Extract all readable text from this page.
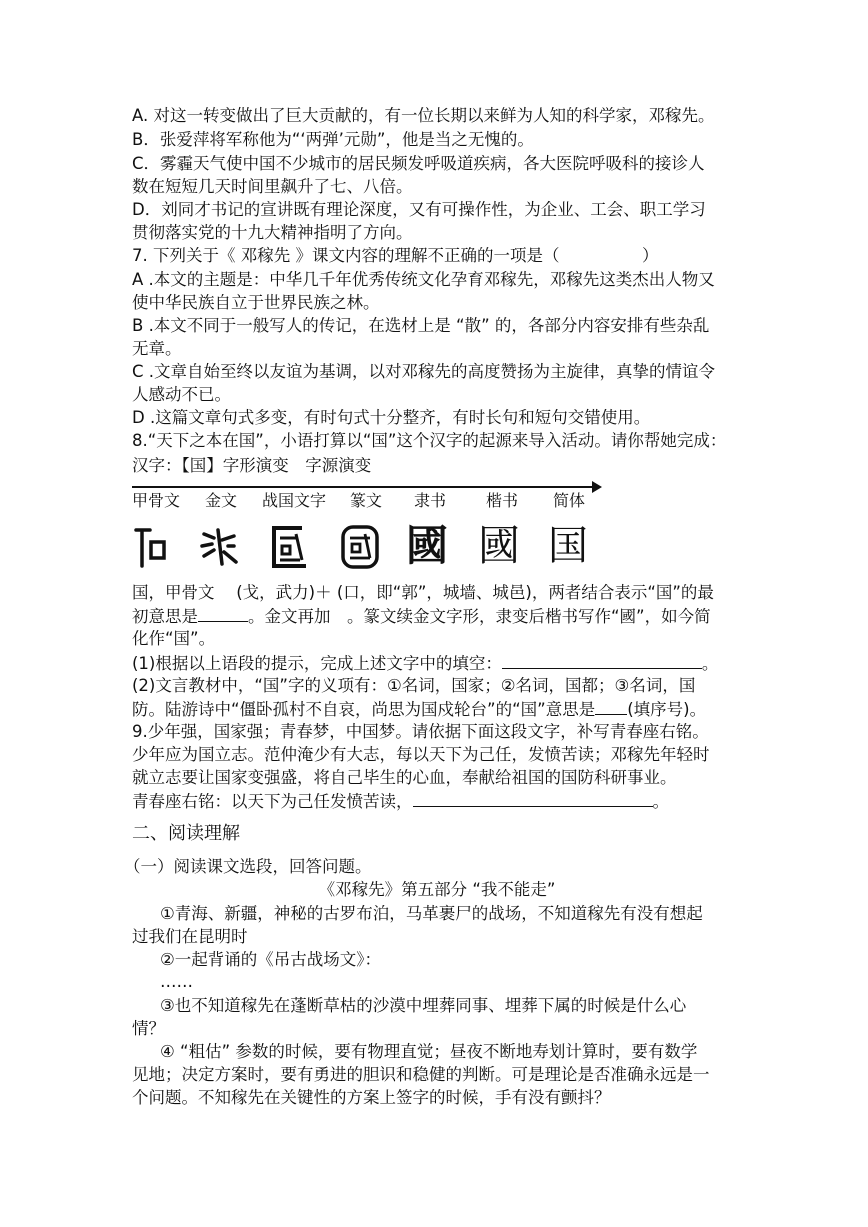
A. 对这一转变做出了巨大贡献的，有一位长期以来鲜为人知的科学家，邓稼先。
B．张爱萍将军称他为“‘两弹’元勋”，他是当之无愧的。
C．雾霾天气使中国不少城市的居民频发呼吸道疾病，各大医院呼吸科的接诊人
数在短短几天时间里飙升了七、八倍。
D．刘同才书记的宣讲既有理论深度，又有可操作性，为企业、工会、职工学习
贯彻落实党的十九大精神指明了方向。
7. 下列关于《 邓稼先 》课文内容的理解不正确的一项是（　　　　　）
A .本文的主题是：中华几千年优秀传统文化孕育邓稼先，邓稼先这类杰出人物又
使中华民族自立于世界民族之林。
B .本文不同于一般写人的传记，在选材上是 “散” 的，各部分内容安排有些杂乱
无章。
C .文章自始至终以友谊为基调，以对邓稼先的高度赞扬为主旋律，真挚的情谊令
人感动不已。
D .这篇文章句式多变，有时句式十分整齐，有时长句和短句交错使用。
8.“天下之本在国”，小语打算以“国”这个汉字的起源来导入活动。请你帮她完成：
汉字：【国】字形演变　字源演变
甲骨文 金文 战国文字 篆文 隶书 楷书 简体
國 國 国
国，甲骨文　 (戈，武力)＋ (口，即“郭”，城墙、城邑)，两者结合表示“国”的最
初意思是	。金文再加　。篆文续金文字形，隶变后楷书写作“國”，如今简
化作“国”。
(1)根据以上语段的提示，完成上述文字中的填空：	。
(2)文言教材中，“国”字的义项有：①名词，国家；②名词，国都；③名词，国
防。陆游诗中“僵卧孤村不自哀，尚思为国戍轮台”的“国”意思是 (填序号)。
9.少年强，国家强；青春梦，中国梦。请依据下面这段文字，补写青春座右铭。
少年应为国立志。范仲淹少有大志，每以天下为己任，发愤苦读；邓稼先年轻时
就立志要让国家变强盛，将自己毕生的心血，奉献给祖国的国防科研事业。
青春座右铭：以天下为己任发愤苦读，	。
二、阅读理解
（一）阅读课文选段，回答问题。
《邓稼先》第五部分 “我不能走”
①青海、新疆，神秘的古罗布泊，马革裹尸的战场，不知道稼先有没有想起
过我们在昆明时
②一起背诵的《吊古战场文》：
……
③也不知道稼先在蓬断草枯的沙漠中埋葬同事、埋葬下属的时候是什么心
情？
④ “粗估” 参数的时候，要有物理直觉；昼夜不断地寿划计算时，要有数学
见地；决定方案时，要有勇进的胆识和稳健的判断。可是理论是否准确永远是一
个问题。不知稼先在关键性的方案上签字的时候，手有没有颤抖？
